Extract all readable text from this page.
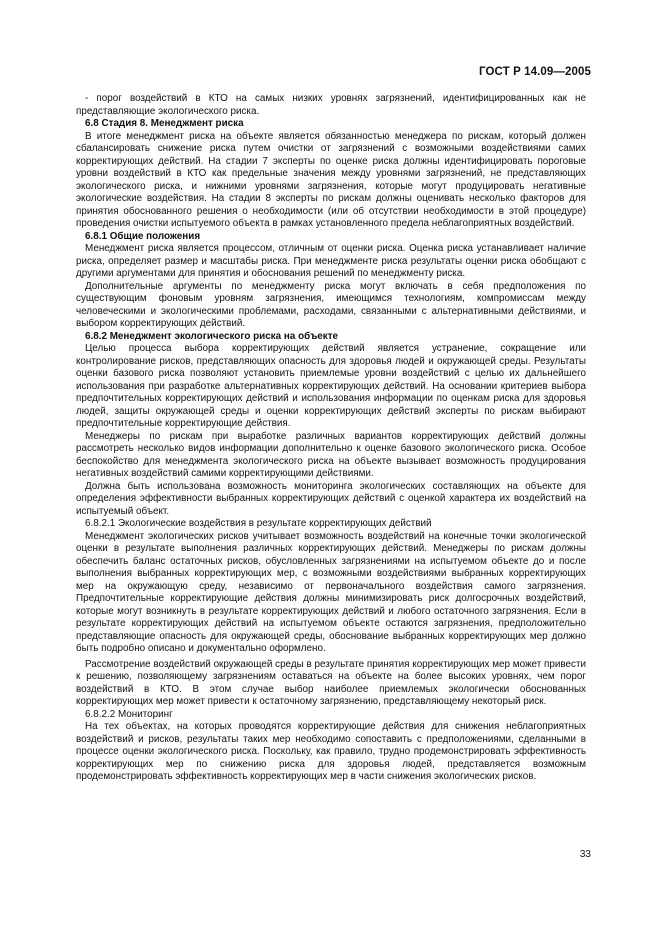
ГОСТ Р 14.09—2005

- порог воздействий в КТО на самых низких уровнях загрязнений, идентифицированных как не представляющие экологического риска.

6.8 Стадия 8. Менеджмент риска

В итоге менеджмент риска на объекте является обязанностью менеджера по рискам, который должен сбалансировать снижение риска путем очистки от загрязнений с возможными воздействиями самих корректирующих действий. На стадии 7 эксперты по оценке риска должны идентифицировать пороговые уровни воздействий в КТО как предельные значения между уровнями загрязнений, не представляющих экологического риска, и нижними уровнями загрязнения, которые могут продуцировать негативные экологические воздействия. На стадии 8 эксперты по рискам должны оценивать несколько факторов для принятия обоснованного решения о необходимости (или об отсутствии необходимости в этой процедуре) проведения очистки испытуемого объекта в рамках установленного предела неблагоприятных воздействий.

6.8.1 Общие положения

Менеджмент риска является процессом, отличным от оценки риска. Оценка риска устанавливает наличие риска, определяет размер и масштабы риска. При менеджменте риска результаты оценки риска обобщают с другими аргументами для принятия и обоснования решений по менеджменту риска.

Дополнительные аргументы по менеджменту риска могут включать в себя предположения по существующим фоновым уровням загрязнения, имеющимся технологиям, компромиссам между человеческими и экологическими проблемами, расходами, связанными с альтернативными действиями, и выбором корректирующих действий.

6.8.2 Менеджмент экологического риска на объекте

Целью процесса выбора корректирующих действий является устранение, сокращение или контролирование рисков, представляющих опасность для здоровья людей и окружающей среды. Результаты оценки базового риска позволяют установить приемлемые уровни воздействий с целью их дальнейшего использования при разработке альтернативных корректирующих действий. На основании критериев выбора предпочтительных корректирующих действий и использования информации по оценкам риска для здоровья людей, защиты окружающей среды и оценки корректирующих действий эксперты по рискам выбирают предпочтительные корректирующие действия.

Менеджеры по рискам при выработке различных вариантов корректирующих действий должны рассмотреть несколько видов информации дополнительно к оценке базового экологического риска. Особое беспокойство для менеджмента экологического риска на объекте вызывает возможность продуцирования негативных воздействий самими корректирующими действиями.

Должна быть использована возможность мониторинга экологических составляющих на объекте для определения эффективности выбранных корректирующих действий с оценкой характера их воздействий на испытуемый объект.

6.8.2.1 Экологические воздействия в результате корректирующих действий

Менеджмент экологических рисков учитывает возможность воздействий на конечные точки экологической оценки в результате выполнения различных корректирующих действий. Менеджеры по рискам должны обеспечить баланс остаточных рисков, обусловленных загрязнениями на испытуемом объекте до и после выполнения выбранных корректирующих мер, с возможными воздействиями выбранных корректирующих мер на окружающую среду, независимо от первоначального воздействия самого загрязнения. Предпочтительные корректирующие действия должны минимизировать риск долгосрочных воздействий, которые могут возникнуть в результате корректирующих действий и любого остаточного загрязнения. Если в результате корректирующих действий на испытуемом объекте остаются загрязнения, предположительно представляющие опасность для окружающей среды, обоснование выбранных корректирующих мер должно быть подробно описано и документально оформлено.

Рассмотрение воздействий окружающей среды в результате принятия корректирующих мер может привести к решению, позволяющему загрязнениям оставаться на объекте на более высоких уровнях, чем порог воздействий в КТО. В этом случае выбор наиболее приемлемых экологически обоснованных корректирующих мер может привести к остаточному загрязнению, представляющему некоторый риск.

6.8.2.2 Мониторинг

На тех объектах, на которых проводятся корректирующие действия для снижения неблагоприятных воздействий и рисков, результаты таких мер необходимо сопоставить с предположениями, сделанными в процессе оценки экологического риска. Поскольку, как правило, трудно продемонстрировать эффективность корректирующих мер по снижению риска для здоровья людей, представляется возможным продемонстрировать эффективность корректирующих мер в части снижения экологических рисков.

33
